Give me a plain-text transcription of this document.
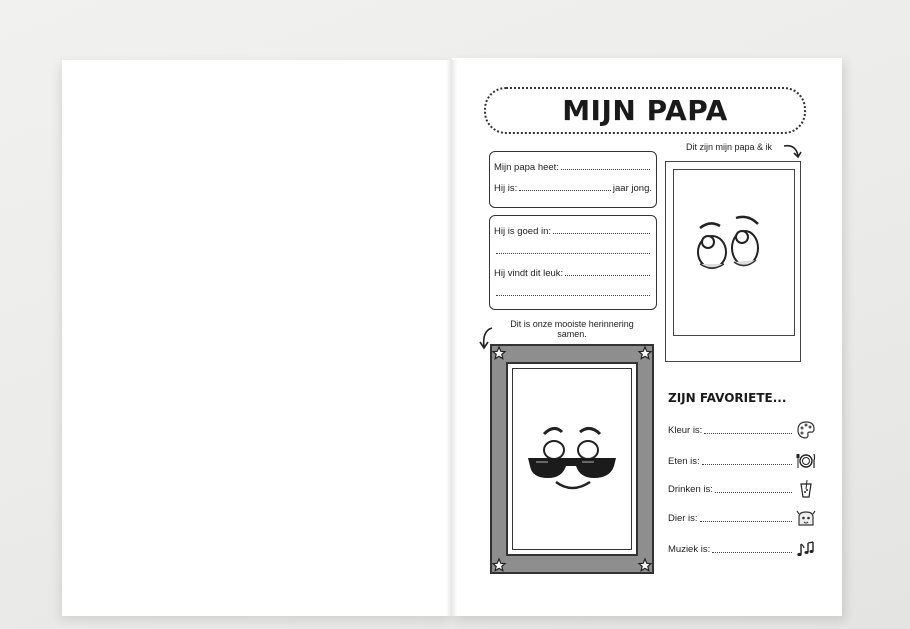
MIJN PAPA
Mijn papa heet:
Hij is:	jaar jong.
Hij is goed in:
Hij vindt dit leuk:
Dit zijn mijn papa & ik
Dit is onze mooiste herinnering
samen.
ZIJN FAVORIETE...
Kleur is:
Eten is:
Drinken is:
Dier is:
Muziek is:
